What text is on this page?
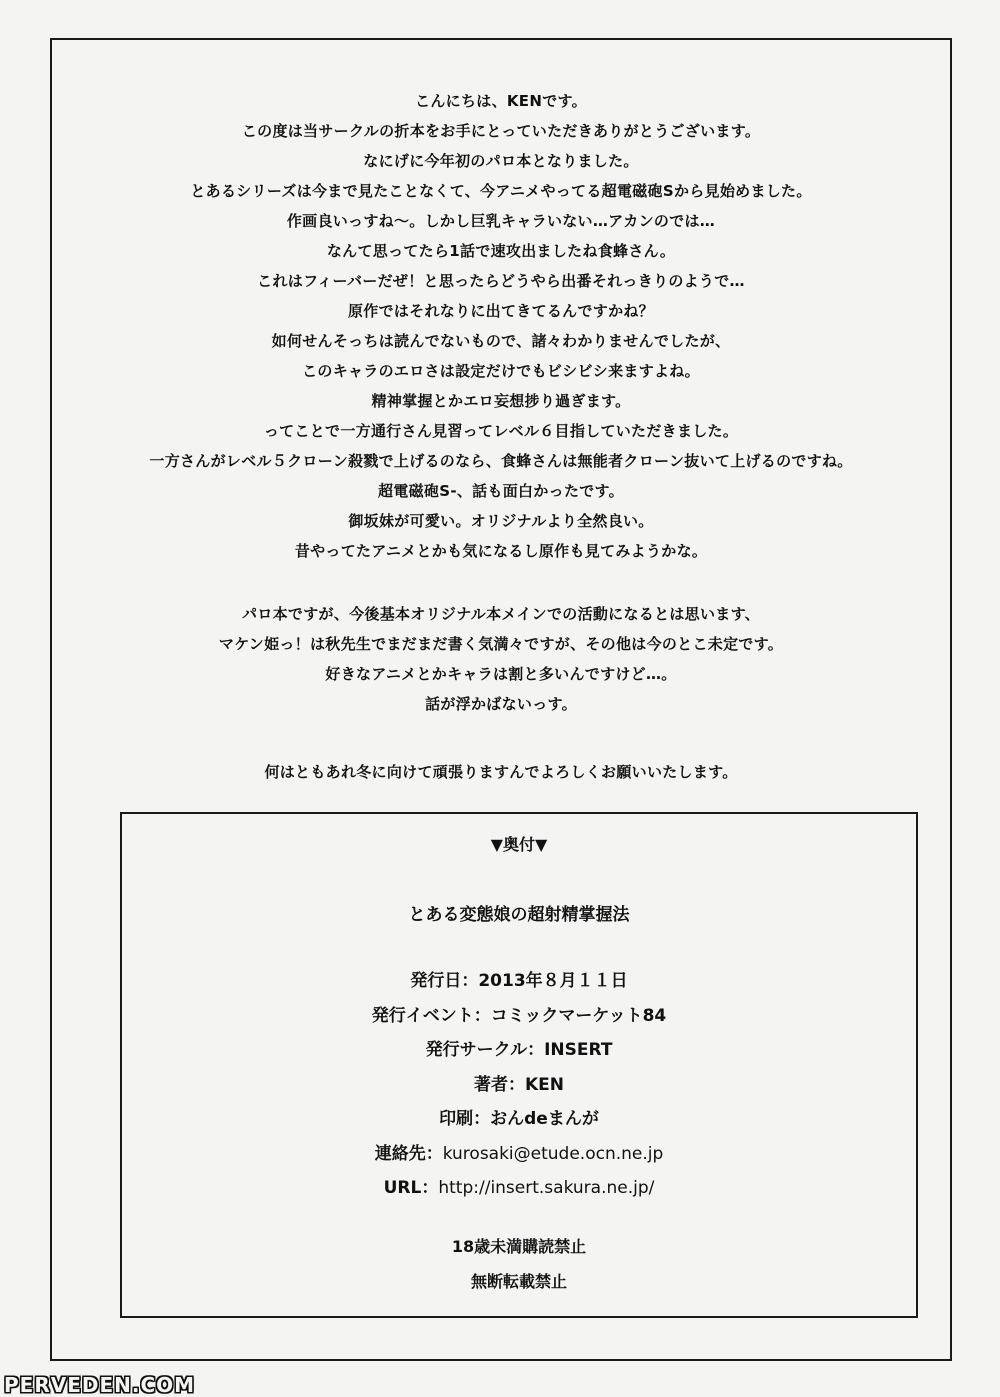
こんにちは、KENです。
この度は当サークルの折本をお手にとっていただきありがとうございます。
なにげに今年初のパロ本となりました。
とあるシリーズは今まで見たことなくて、今アニメやってる超電磁砲Sから見始めました。
作画良いっすね～。しかし巨乳キャラいない…アカンのでは…
なんて思ってたら1話で速攻出ましたね食蜂さん。
これはフィーバーだぜ！と思ったらどうやら出番それっきりのようで…
原作ではそれなりに出てきてるんですかね？
如何せんそっちは読んでないもので、諸々わかりませんでしたが、
このキャラのエロさは設定だけでもビシビシ来ますよね。
精神掌握とかエロ妄想捗り過ぎます。
ってことで一方通行さん見習ってレベル６目指していただきました。
一方さんがレベル５クローン殺戮で上げるのなら、食蜂さんは無能者クローン抜いて上げるのですね。
超電磁砲S-、話も面白かったです。
御坂妹が可愛い。オリジナルより全然良い。
昔やってたアニメとかも気になるし原作も見てみようかな。
パロ本ですが、今後基本オリジナル本メインでの活動になるとは思います、
マケン姫っ！は秋先生でまだまだ書く気満々ですが、その他は今のとこ未定です。
好きなアニメとかキャラは割と多いんですけど…。
話が浮かばないっす。
何はともあれ冬に向けて頑張りますんでよろしくお願いいたします。
▼奥付▼
とある変態娘の超射精掌握法
発行日：2013年８月１１日
発行イベント：コミックマーケット84
発行サークル：INSERT
著者：KEN
印刷：おんdeまんが
連絡先：kurosaki@etude.ocn.ne.jp
URL：http://insert.sakura.ne.jp/
18歳未満購読禁止
無断転載禁止
PERVEDEN.COM
